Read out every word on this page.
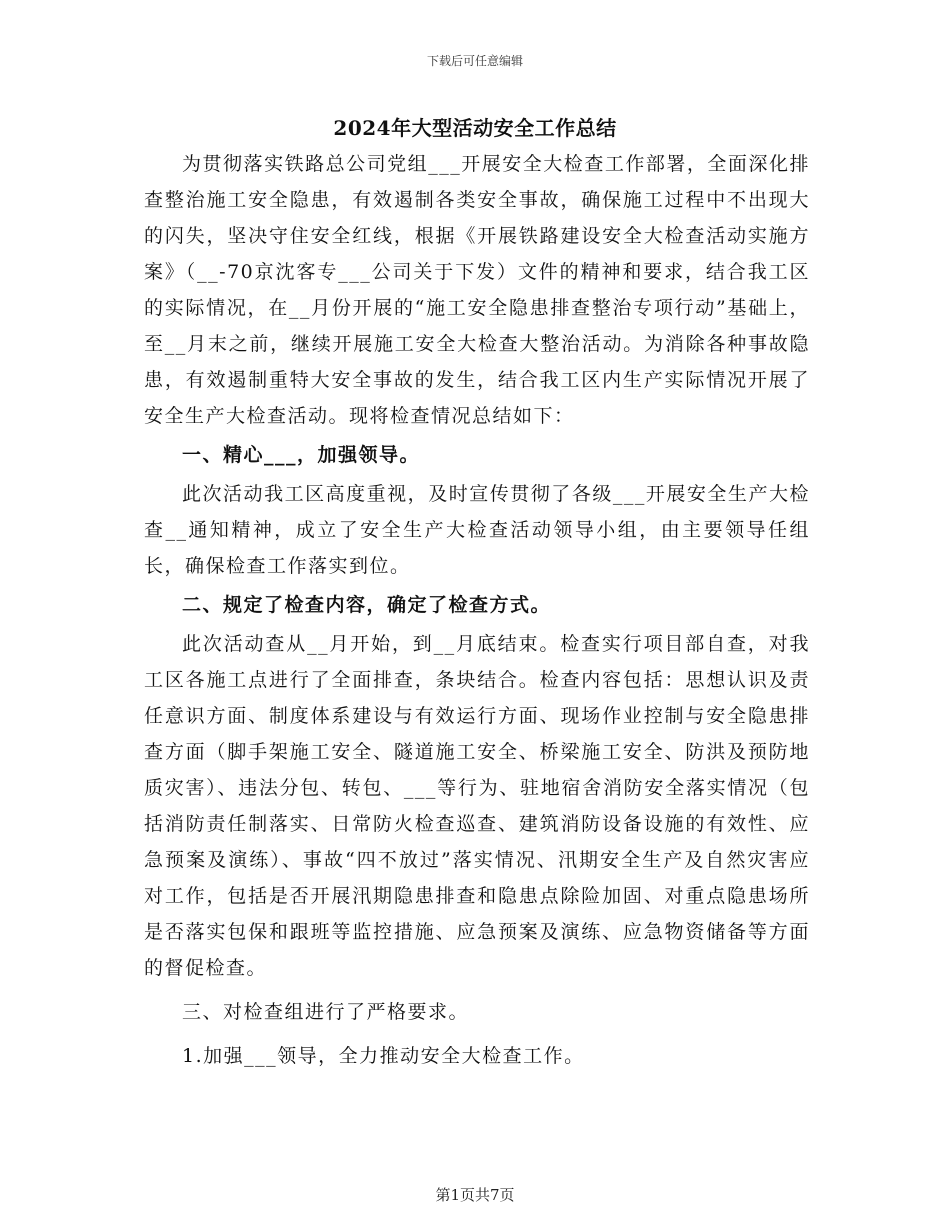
下载后可任意编辑
2024年大型活动安全工作总结

为贯彻落实铁路总公司党组___开展安全大检查工作部署，全面深化排查整治施工安全隐患，有效遏制各类安全事故，确保施工过程中不出现大的闪失，坚决守住安全红线，根据《开展铁路建设安全大检查活动实施方案》（__-70京沈客专___公司关于下发）文件的精神和要求，结合我工区的实际情况，在__月份开展的“施工安全隐患排查整治专项行动”基础上，至__月末之前，继续开展施工安全大检查大整治活动。为消除各种事故隐患，有效遏制重特大安全事故的发生，结合我工区内生产实际情况开展了安全生产大检查活动。现将检查情况总结如下：

一、精心___，加强领导。

此次活动我工区高度重视，及时宣传贯彻了各级___开展安全生产大检查__通知精神，成立了安全生产大检查活动领导小组，由主要领导任组长，确保检查工作落实到位。

二、规定了检查内容，确定了检查方式。

此次活动查从__月开始，到__月底结束。检查实行项目部自查，对我工区各施工点进行了全面排查，条块结合。检查内容包括：思想认识及责任意识方面、制度体系建设与有效运行方面、现场作业控制与安全隐患排查方面（脚手架施工安全、隧道施工安全、桥梁施工安全、防洪及预防地质灾害）、违法分包、转包、___等行为、驻地宿舍消防安全落实情况（包括消防责任制落实、日常防火检查巡查、建筑消防设备设施的有效性、应急预案及演练）、事故“四不放过”落实情况、汛期安全生产及自然灾害应对工作，包括是否开展汛期隐患排查和隐患点除险加固、对重点隐患场所是否落实包保和跟班等监控措施、应急预案及演练、应急物资储备等方面的督促检查。

三、对检查组进行了严格要求。

1.加强___领导，全力推动安全大检查工作。

第1页共7页
